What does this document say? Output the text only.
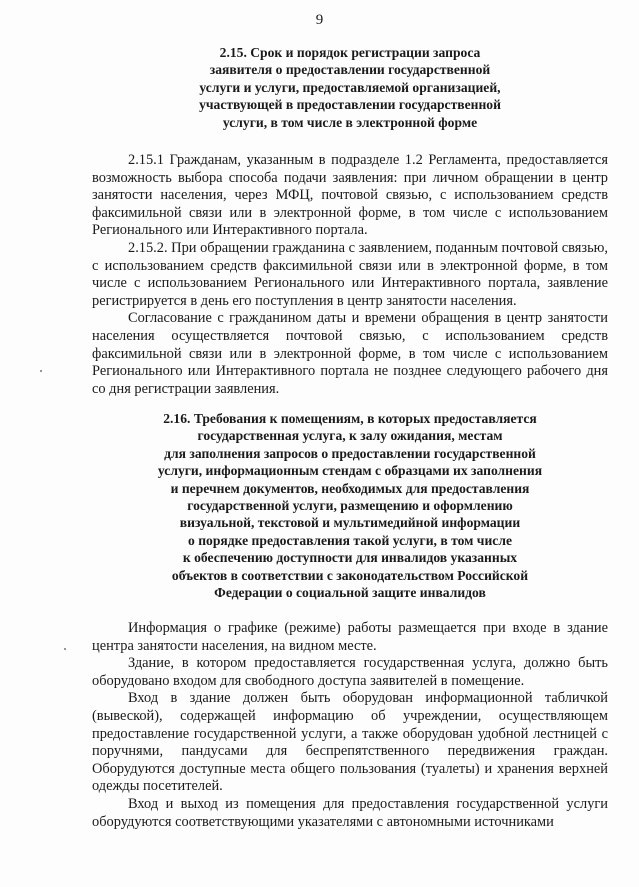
9
2.15. Срок и порядок регистрации запроса
заявителя о предоставлении государственной
услуги и услуги, предоставляемой организацией,
участвующей в предоставлении государственной
услуги, в том числе в электронной форме

2.15.1 Гражданам, указанным в подразделе 1.2 Регламента, предоставляется возможность выбора способа подачи заявления: при личном обращении в центр занятости населения, через МФЦ, почтовой связью, с использованием средств факсимильной связи или в электронной форме, в том числе с использованием Регионального или Интерактивного портала.

2.15.2. При обращении гражданина с заявлением, поданным почтовой связью, с использованием средств факсимильной связи или в электронной форме, в том числе с использованием Регионального или Интерактивного портала, заявление регистрируется в день его поступления в центр занятости населения.

Согласование с гражданином даты и времени обращения в центр занятости населения осуществляется почтовой связью, с использованием средств факсимильной связи или в электронной форме, в том числе с использованием Регионального или Интерактивного портала не позднее следующего рабочего дня со дня регистрации заявления.

2.16. Требования к помещениям, в которых предоставляется
государственная услуга, к залу ожидания, местам
для заполнения запросов о предоставлении государственной
услуги, информационным стендам с образцами их заполнения
и перечнем документов, необходимых для предоставления
государственной услуги, размещению и оформлению
визуальной, текстовой и мультимедийной информации
о порядке предоставления такой услуги, в том числе
к обеспечению доступности для инвалидов указанных
объектов в соответствии с законодательством Российской
Федерации о социальной защите инвалидов

Информация о графике (режиме) работы размещается при входе в здание центра занятости населения, на видном месте.

Здание, в котором предоставляется государственная услуга, должно быть оборудовано входом для свободного доступа заявителей в помещение.

Вход в здание должен быть оборудован информационной табличкой (вывеской), содержащей информацию об учреждении, осуществляющем предоставление государственной услуги, а также оборудован удобной лестницей с поручнями, пандусами для беспрепятственного передвижения граждан. Оборудуются доступные места общего пользования (туалеты) и хранения верхней одежды посетителей.

Вход и выход из помещения для предоставления государственной услуги оборудуются соответствующими указателями с автономными источниками
